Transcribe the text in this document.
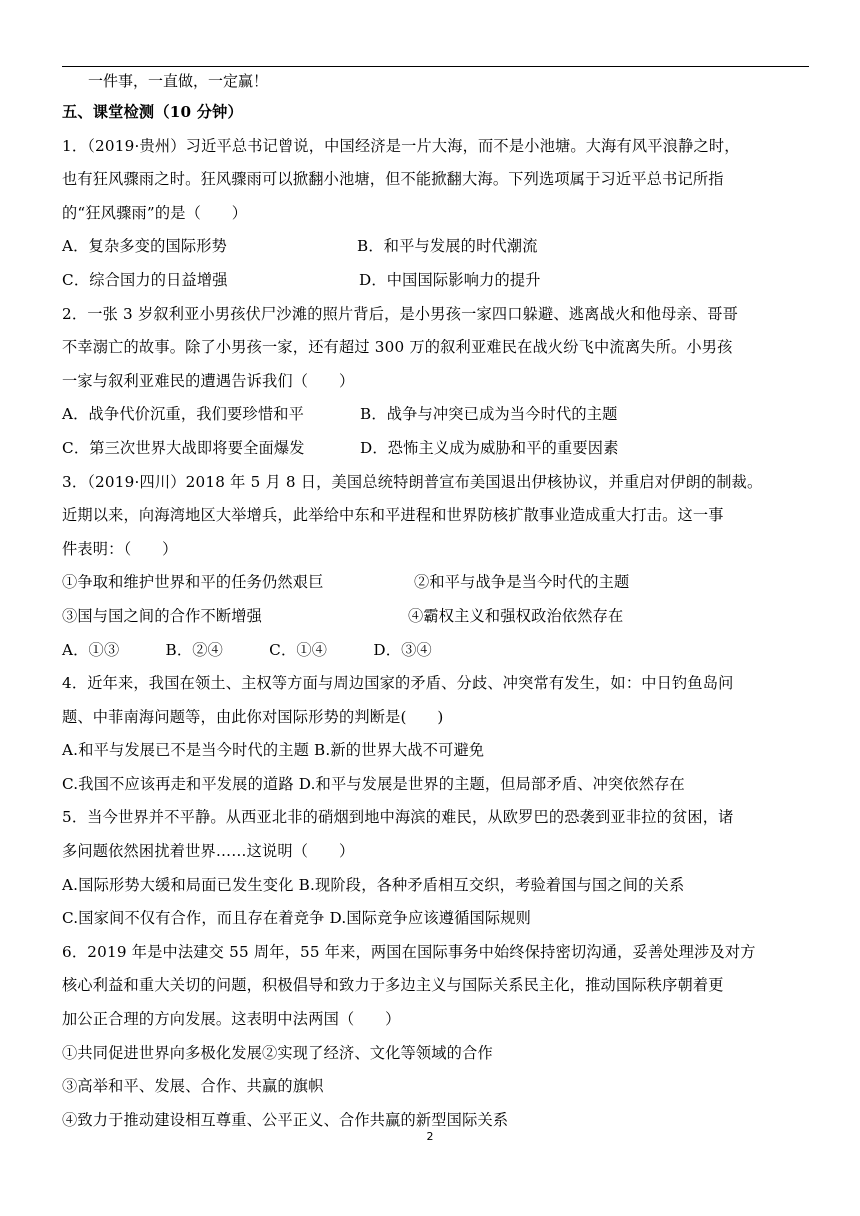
一件事，一直做，一定赢！
五、课堂检测（10 分钟）
1．（2019·贵州）习近平总书记曾说，中国经济是一片大海，而不是小池塘。大海有风平浪静之时，
也有狂风骤雨之时。狂风骤雨可以掀翻小池塘，但不能掀翻大海。下列选项属于习近平总书记所指
的“狂风骤雨”的是（　　）
A．复杂多变的国际形势	B．和平与发展的时代潮流
C．综合国力的日益增强	D．中国国际影响力的提升
2．一张 3 岁叙利亚小男孩伏尸沙滩的照片背后，是小男孩一家四口躲避、逃离战火和他母亲、哥哥
不幸溺亡的故事。除了小男孩一家，还有超过 300 万的叙利亚难民在战火纷飞中流离失所。小男孩
一家与叙利亚难民的遭遇告诉我们（　　）
A．战争代价沉重，我们要珍惜和平	B．战争与冲突已成为当今时代的主题
C．第三次世界大战即将要全面爆发	D．恐怖主义成为威胁和平的重要因素
3．（2019·四川）2018 年 5 月 8 日，美国总统特朗普宣布美国退出伊核协议，并重启对伊朗的制裁。
近期以来，向海湾地区大举增兵，此举给中东和平进程和世界防核扩散事业造成重大打击。这一事
件表明：（　　）
①争取和维护世界和平的任务仍然艰巨	②和平与战争是当今时代的主题
③国与国之间的合作不断增强	④霸权主义和强权政治依然存在
A．①③　　　B．②④　　　C．①④　　　D．③④
4．近年来，我国在领土、主权等方面与周边国家的矛盾、分歧、冲突常有发生，如：中日钓鱼岛问
题、中菲南海问题等，由此你对国际形势的判断是(　　)
A.和平与发展已不是当今时代的主题 B.新的世界大战不可避免
C.我国不应该再走和平发展的道路 D.和平与发展是世界的主题，但局部矛盾、冲突依然存在
5．当今世界并不平静。从西亚北非的硝烟到地中海滨的难民，从欧罗巴的恐袭到亚非拉的贫困，诸
多问题依然困扰着世界……这说明（　　）
A.国际形势大缓和局面已发生变化 B.现阶段，各种矛盾相互交织，考验着国与国之间的关系
C.国家间不仅有合作，而且存在着竞争 D.国际竞争应该遵循国际规则
6．2019 年是中法建交 55 周年，55 年来，两国在国际事务中始终保持密切沟通，妥善处理涉及对方
核心利益和重大关切的问题，积极倡导和致力于多边主义与国际关系民主化，推动国际秩序朝着更
加公正合理的方向发展。这表明中法两国（　　）
①共同促进世界向多极化发展②实现了经济、文化等领域的合作
③高举和平、发展、合作、共赢的旗帜
④致力于推动建设相互尊重、公平正义、合作共赢的新型国际关系
2
